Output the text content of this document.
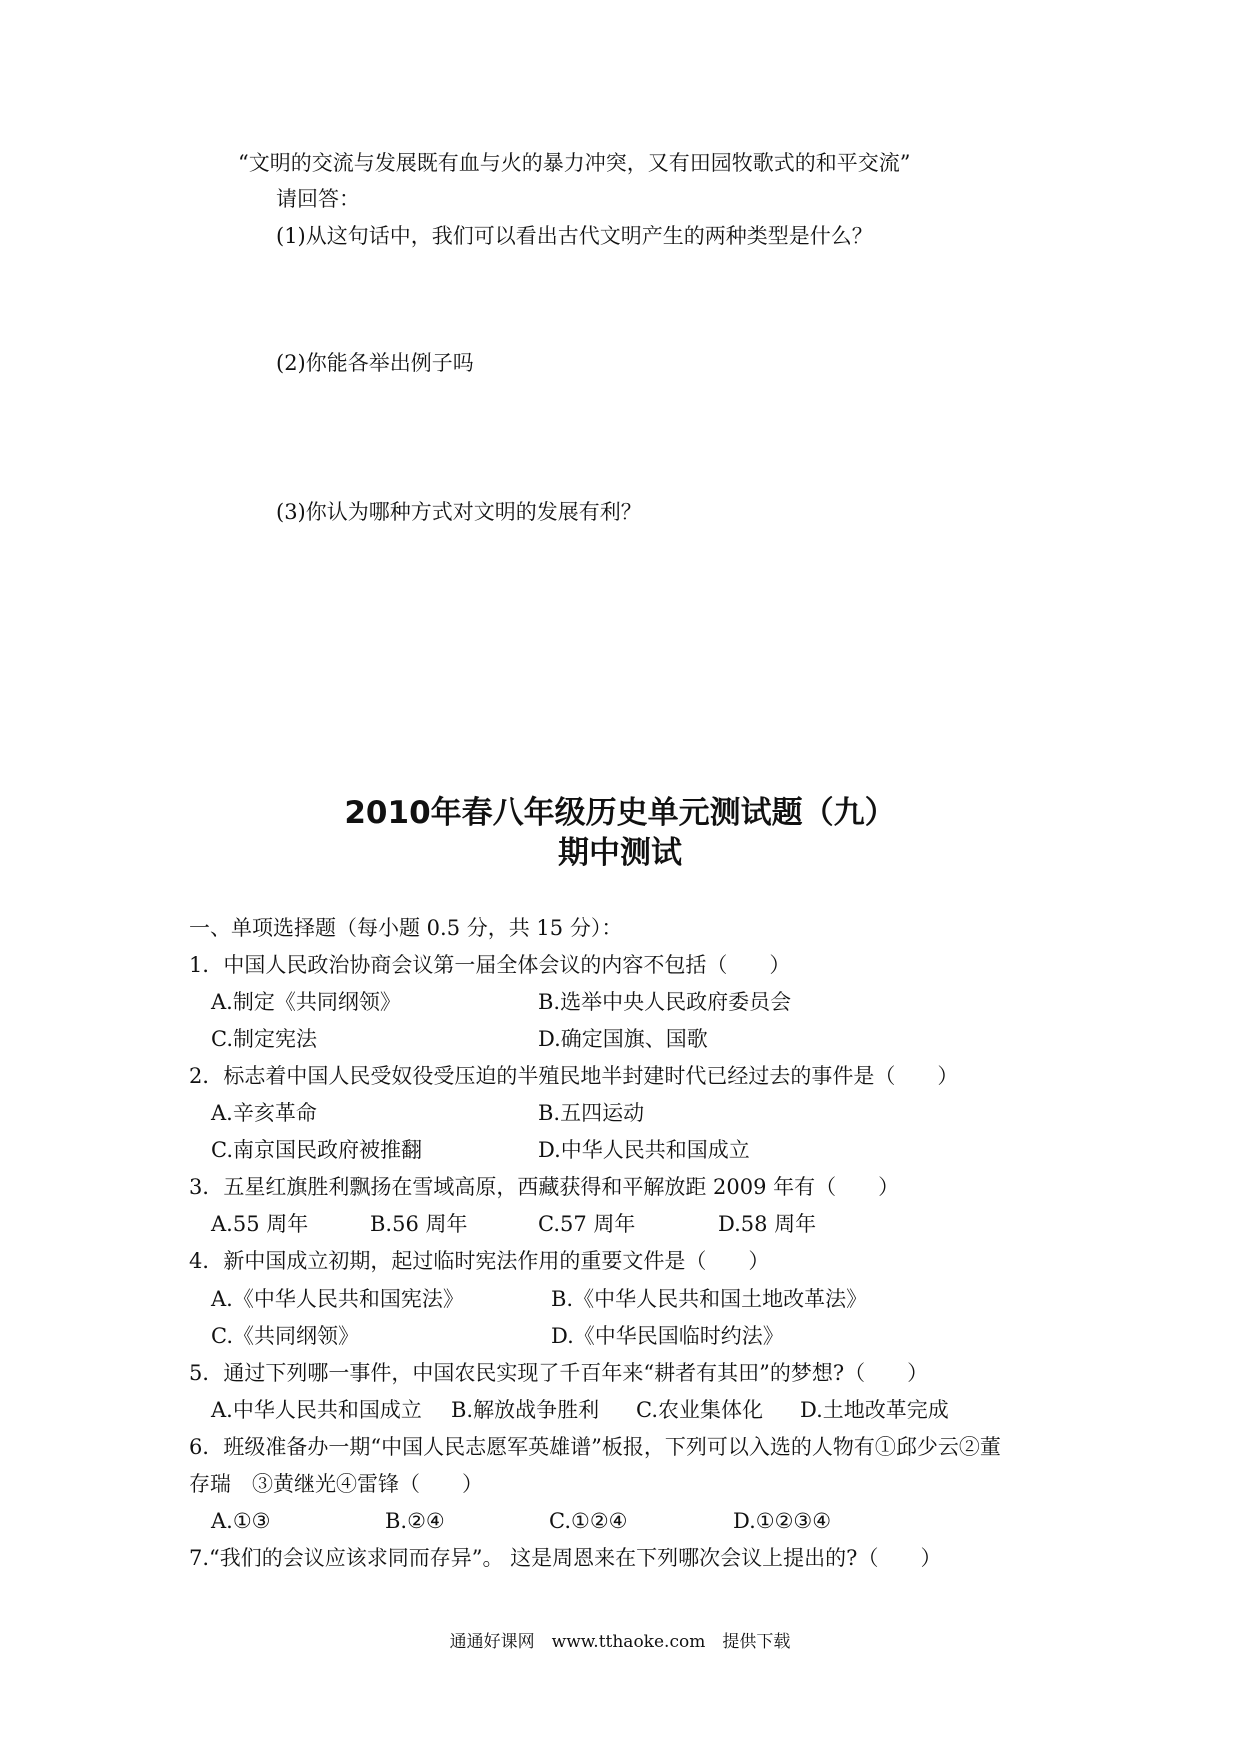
“文明的交流与发展既有血与火的暴力冲突，又有田园牧歌式的和平交流”
请回答：
(1)从这句话中，我们可以看出古代文明产生的两种类型是什么？
(2)你能各举出例子吗
(3)你认为哪种方式对文明的发展有利？
2010年春八年级历史单元测试题（九）
期中测试
一、单项选择题（每小题 0.5 分，共 15 分）：
1．中国人民政治协商会议第一届全体会议的内容不包括（　　）
A.制定《共同纲领》	B.选举中央人民政府委员会
C.制定宪法	D.确定国旗、国歌
2．标志着中国人民受奴役受压迫的半殖民地半封建时代已经过去的事件是（　　）
A.辛亥革命	B.五四运动
C.南京国民政府被推翻	D.中华人民共和国成立
3．五星红旗胜利飘扬在雪域高原，西藏获得和平解放距 2009 年有（　　）
A.55 周年	B.56 周年	C.57 周年	D.58 周年
4．新中国成立初期，起过临时宪法作用的重要文件是（　　）
A.《中华人民共和国宪法》	B.《中华人民共和国土地改革法》
C.《共同纲领》	D.《中华民国临时约法》
5．通过下列哪一事件，中国农民实现了千百年来“耕者有其田”的梦想?（　　）
A.中华人民共和国成立 B.解放战争胜利 C.农业集体化 D.土地改革完成
6．班级准备办一期“中国人民志愿军英雄谱”板报，下列可以入选的人物有①邱少云②董
存瑞　③黄继光④雷锋（　　）
A.①③	B.②④	C.①②④	D.①②③④
7.“我们的会议应该求同而存异”。 这是周恩来在下列哪次会议上提出的?（　　）
通通好课网　www.tthaoke.com　提供下载
